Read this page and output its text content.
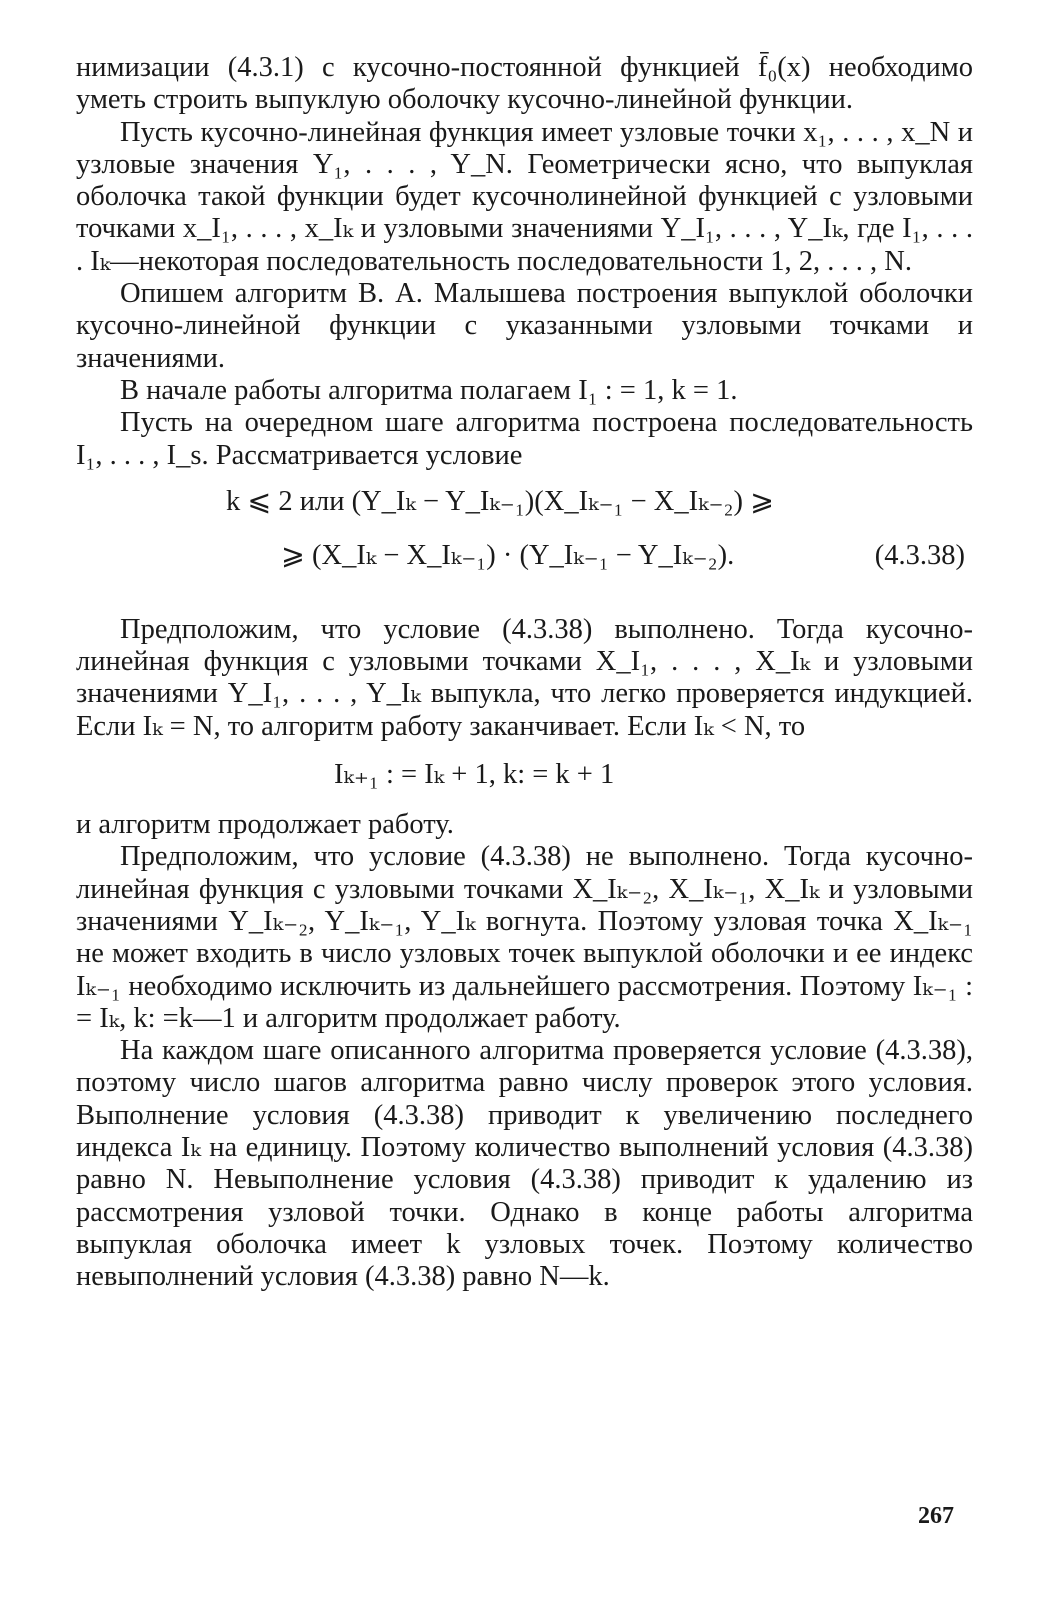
нимизации (4.3.1) с кусочно-постоянной функцией f̄₀(x) необходимо уметь строить выпуклую оболочку кусочно-линейной функции.

Пусть кусочно-линейная функция имеет узловые точки x₁, . . . , x_N и узловые значения Y₁, . . . , Y_N. Геометрически ясно, что выпуклая оболочка такой функции будет кусочнолинейной функцией с узловыми точками x_I₁, . . . , x_Iₖ и узловыми значениями Y_I₁, . . . , Y_Iₖ, где I₁, . . . . Iₖ—некоторая последовательность последовательности 1, 2, . . . , N.

Опишем алгоритм В. А. Малышева построения выпуклой оболочки кусочно-линейной функции с указанными узловыми точками и значениями.

В начале работы алгоритма полагаем I₁ : = 1, k = 1.

Пусть на очередном шаге алгоритма построена последовательность I₁, . . . , I_s. Рассматривается условие

k ⩽ 2 или (Y_Iₖ − Y_Iₖ₋₁)(X_Iₖ₋₁ − X_Iₖ₋₂) ⩾
⩾ (X_Iₖ − X_Iₖ₋₁) · (Y_Iₖ₋₁ − Y_Iₖ₋₂).	(4.3.38)

Предположим, что условие (4.3.38) выполнено. Тогда кусочно-линейная функция с узловыми точками X_I₁, . . . , X_Iₖ и узловыми значениями Y_I₁, . . . , Y_Iₖ выпукла, что легко проверяется индукцией. Если Iₖ = N, то алгоритм работу заканчивает. Если Iₖ < N, то

Iₖ₊₁ : = Iₖ + 1, k: = k + 1

и алгоритм продолжает работу.

Предположим, что условие (4.3.38) не выполнено. Тогда кусочно-линейная функция с узловыми точками X_Iₖ₋₂, X_Iₖ₋₁, X_Iₖ и узловыми значениями Y_Iₖ₋₂, Y_Iₖ₋₁, Y_Iₖ вогнута. Поэтому узловая точка X_Iₖ₋₁ не может входить в число узловых точек выпуклой оболочки и ее индекс Iₖ₋₁ необходимо исключить из дальнейшего рассмотрения. Поэтому Iₖ₋₁ : = Iₖ, k: =k—1 и алгоритм продолжает работу.

На каждом шаге описанного алгоритма проверяется условие (4.3.38), поэтому число шагов алгоритма равно числу проверок этого условия. Выполнение условия (4.3.38) приводит к увеличению последнего индекса Iₖ на единицу. Поэтому количество выполнений условия (4.3.38) равно N. Невыполнение условия (4.3.38) приводит к удалению из рассмотрения узловой точки. Однако в конце работы алгоритма выпуклая оболочка имеет k узловых точек. Поэтому количество невыполнений условия (4.3.38) равно N—k.

267
